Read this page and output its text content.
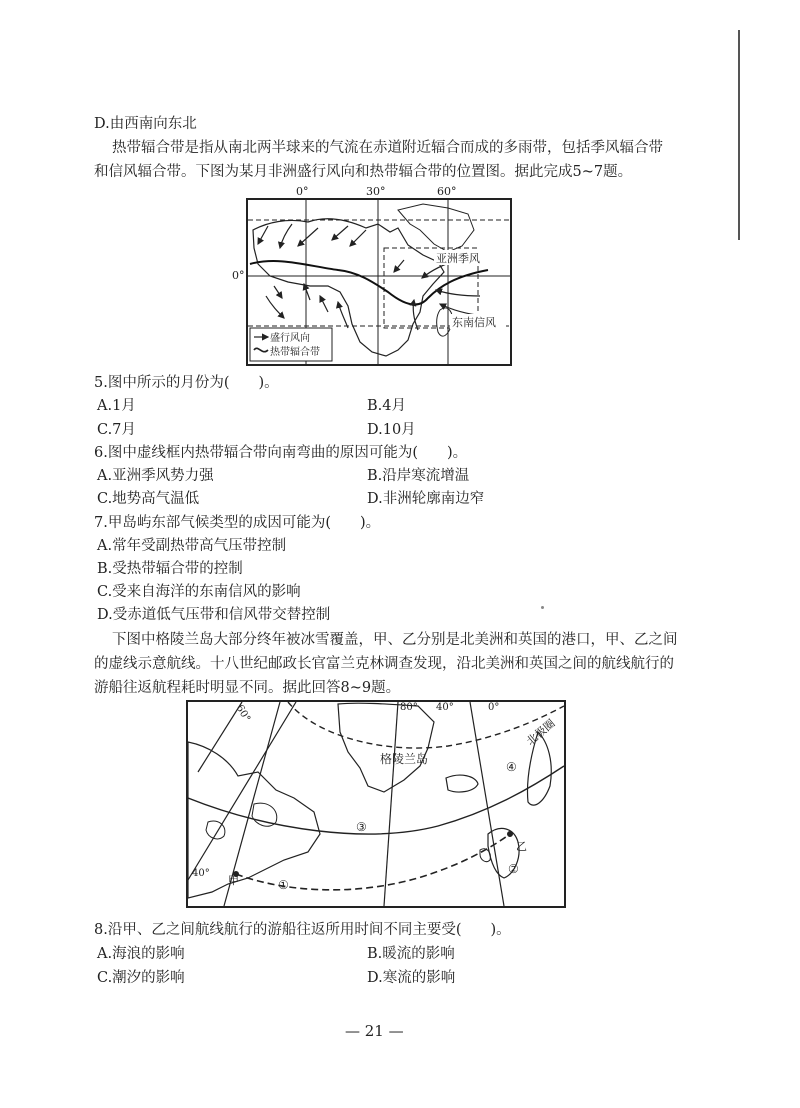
D.由西南向东北
热带辐合带是指从南北两半球来的气流在赤道附近辐合而成的多雨带，包括季风辐合带
和信风辐合带。下图为某月非洲盛行风向和热带辐合带的位置图。据此完成5~7题。
盛行风向
热带辐合带
亚洲季风
东南信风
0°	30°	60°
0°
5.图中所示的月份为(　　)。
A.1月	B.4月
C.7月	D.10月
6.图中虚线框内热带辐合带向南弯曲的原因可能为(　　)。
A.亚洲季风势力强	B.沿岸寒流增温
C.地势高气温低	D.非洲轮廓南边窄
7.甲岛屿东部气候类型的成因可能为(　　)。
A.常年受副热带高气压带控制
B.受热带辐合带的控制
C.受来自海洋的东南信风的影响
D.受赤道低气压带和信风带交替控制
下图中格陵兰岛大部分终年被冰雪覆盖，甲、乙分别是北美洲和英国的港口，甲、乙之间
的虚线示意航线。十八世纪邮政长官富兰克林调查发现，沿北美洲和英国之间的航线航行的
游船往返航程耗时明显不同。据此回答8~9题。
格陵兰岛
北极圈
甲
乙
①
②
③
④
80° 40°	0°
60°
40°
8.沿甲、乙之间航线航行的游船往返所用时间不同主要受(　　)。
A.海浪的影响	B.暖流的影响
C.潮汐的影响	D.寒流的影响
— 21 —
